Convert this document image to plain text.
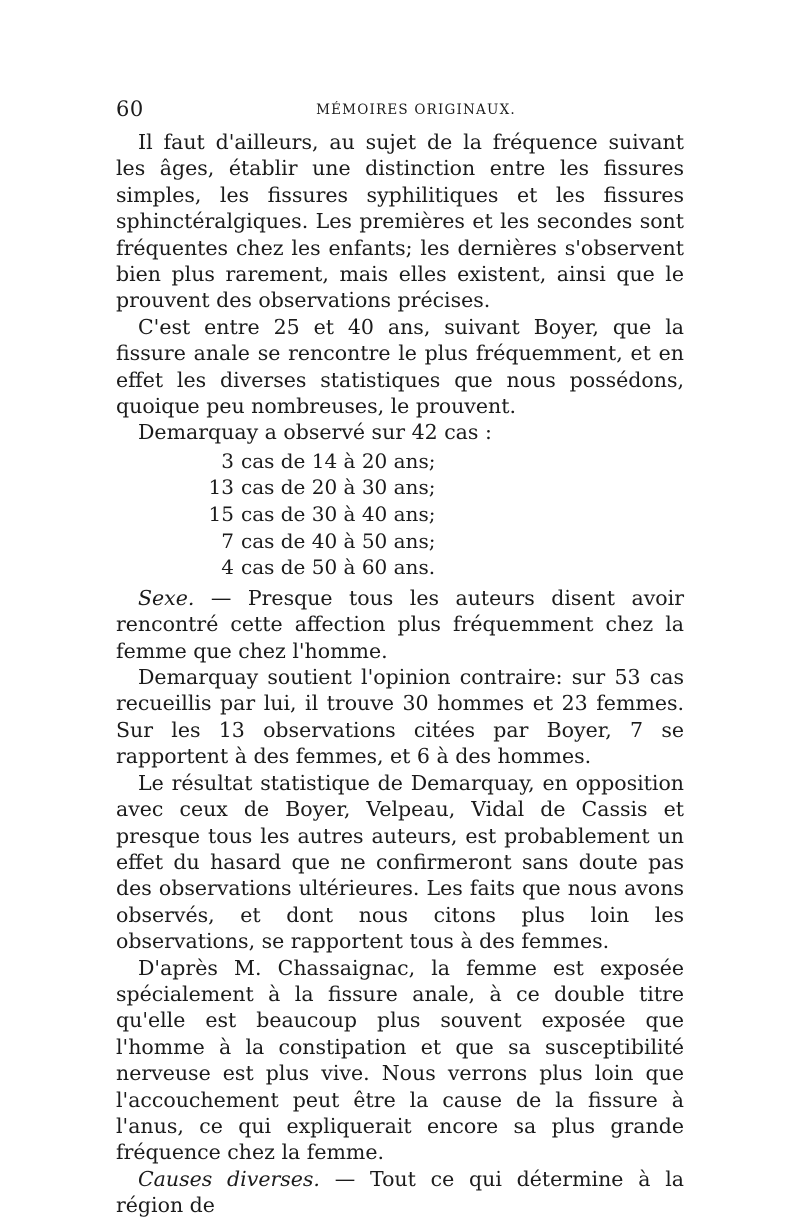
60	MÉMOIRES ORIGINAUX.

Il faut d'ailleurs, au sujet de la fréquence suivant les âges, établir une distinction entre les fissures simples, les fissures syphilitiques et les fissures sphinctéralgiques. Les premières et les secondes sont fréquentes chez les enfants; les dernières s'observent bien plus rarement, mais elles existent, ainsi que le prouvent des observations précises.

C'est entre 25 et 40 ans, suivant Boyer, que la fissure anale se rencontre le plus fréquemment, et en effet les diverses statistiques que nous possédons, quoique peu nombreuses, le prouvent.

Demarquay a observé sur 42 cas :

3 cas de 14 à 20 ans;
13 cas de 20 à 30 ans;
15 cas de 30 à 40 ans;
7 cas de 40 à 50 ans;
4 cas de 50 à 60 ans.

Sexe. — Presque tous les auteurs disent avoir rencontré cette affection plus fréquemment chez la femme que chez l'homme.

Demarquay soutient l'opinion contraire: sur 53 cas recueillis par lui, il trouve 30 hommes et 23 femmes. Sur les 13 observations citées par Boyer, 7 se rapportent à des femmes, et 6 à des hommes.

Le résultat statistique de Demarquay, en opposition avec ceux de Boyer, Velpeau, Vidal de Cassis et presque tous les autres auteurs, est probablement un effet du hasard que ne confirmeront sans doute pas des observations ultérieures. Les faits que nous avons observés, et dont nous citons plus loin les observations, se rapportent tous à des femmes.

D'après M. Chassaignac, la femme est exposée spécialement à la fissure anale, à ce double titre qu'elle est beaucoup plus souvent exposée que l'homme à la constipation et que sa susceptibilité nerveuse est plus vive. Nous verrons plus loin que l'accouchement peut être la cause de la fissure à l'anus, ce qui expliquerait encore sa plus grande fréquence chez la femme.

Causes diverses. — Tout ce qui détermine à la région de
